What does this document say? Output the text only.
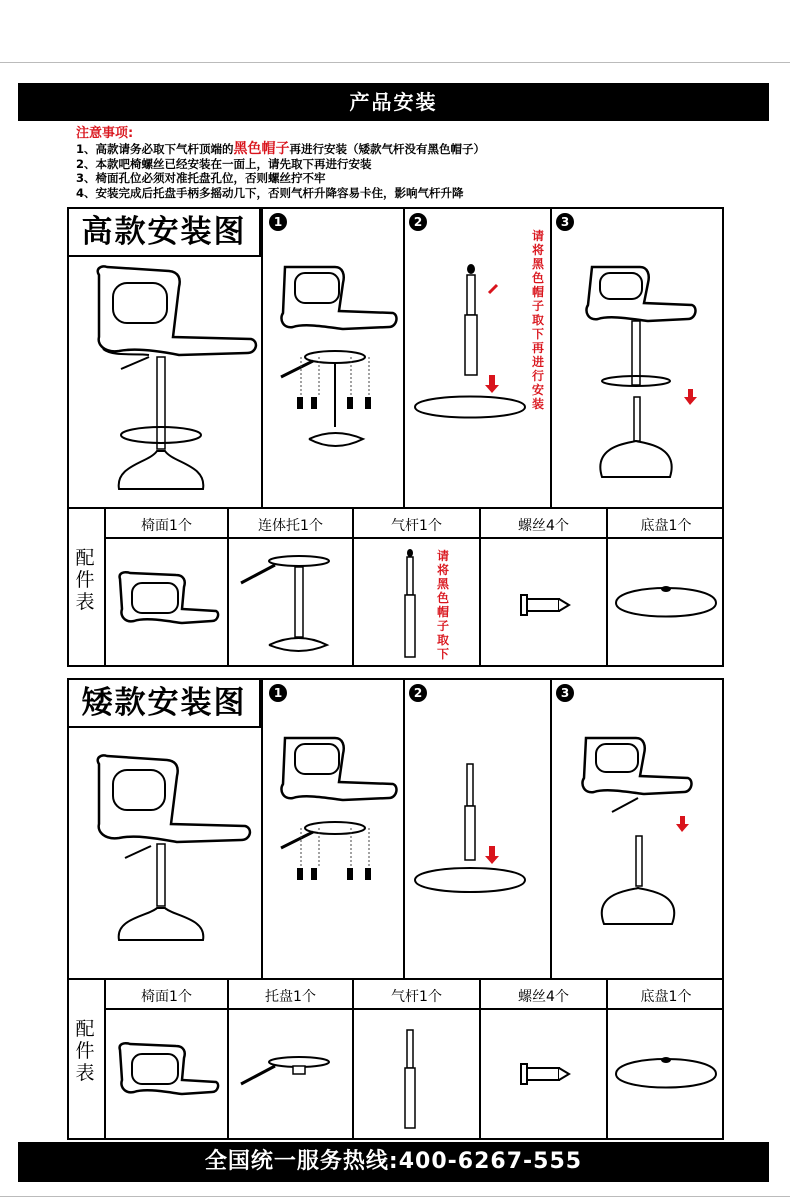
产品安装
注意事项:
1、高款请务必取下气杆顶端的黑色帽子再进行安装（矮款气杆没有黑色帽子）
2、本款吧椅螺丝已经安装在一面上，请先取下再进行安装
3、椅面孔位必须对准托盘孔位，否则螺丝拧不牢
4、安装完成后托盘手柄多摇动几下，否则气杆升降容易卡住，影响气杆升降
高款安装图	1	2	3
请将黑色帽子取下再进行安装
配件表
椅面1个	连体托1个	气杆1个	螺丝4个	底盘1个
请将黑色帽子取下
矮款安装图	1	2	3
配件表
椅面1个	托盘1个	气杆1个	螺丝4个	底盘1个
全国统一服务热线:400-6267-555
